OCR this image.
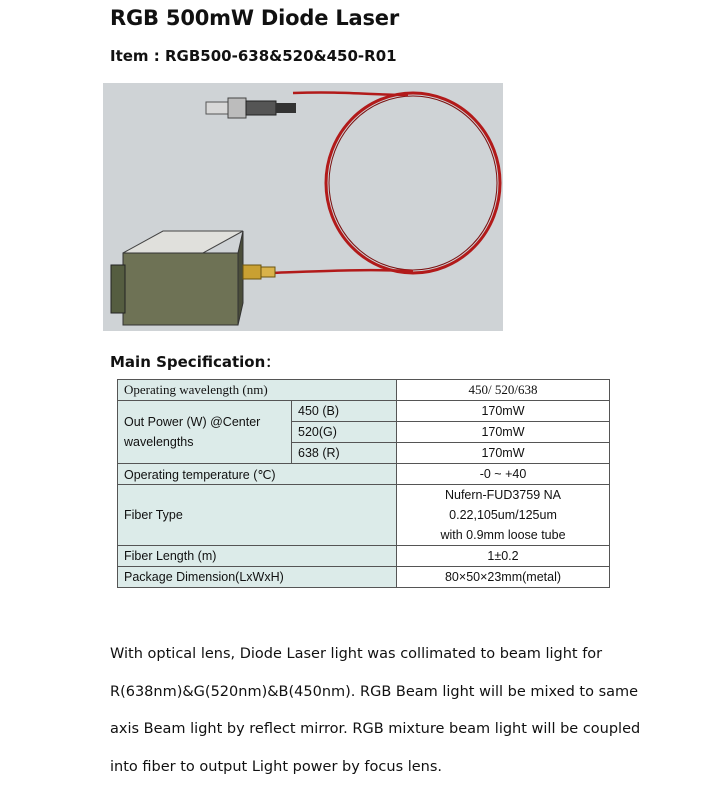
RGB 500mW Diode Laser
Item : RGB500-638&520&450-R01
Main Specification：
Operating wavelength (nm)		450/ 520/638
Out Power (W) @Center wavelengths	450 (B)	170mW
	520(G)	170mW
	638 (R)	170mW
Operating temperature (℃)		-0 ~ +40
Fiber Type		Nufern-FUD3759 NA
0.22,105um/125um
with 0.9mm loose tube

Fiber Length (m)		1±0.2
Package Dimension(LxWxH)		80×50×23mm(metal)
With optical lens, Diode Laser light was collimated to beam light for
R(638nm)&G(520nm)&B(450nm). RGB Beam light will be mixed to same
axis Beam light by reflect mirror. RGB mixture beam light will be coupled
into fiber to output Light power by focus lens.
